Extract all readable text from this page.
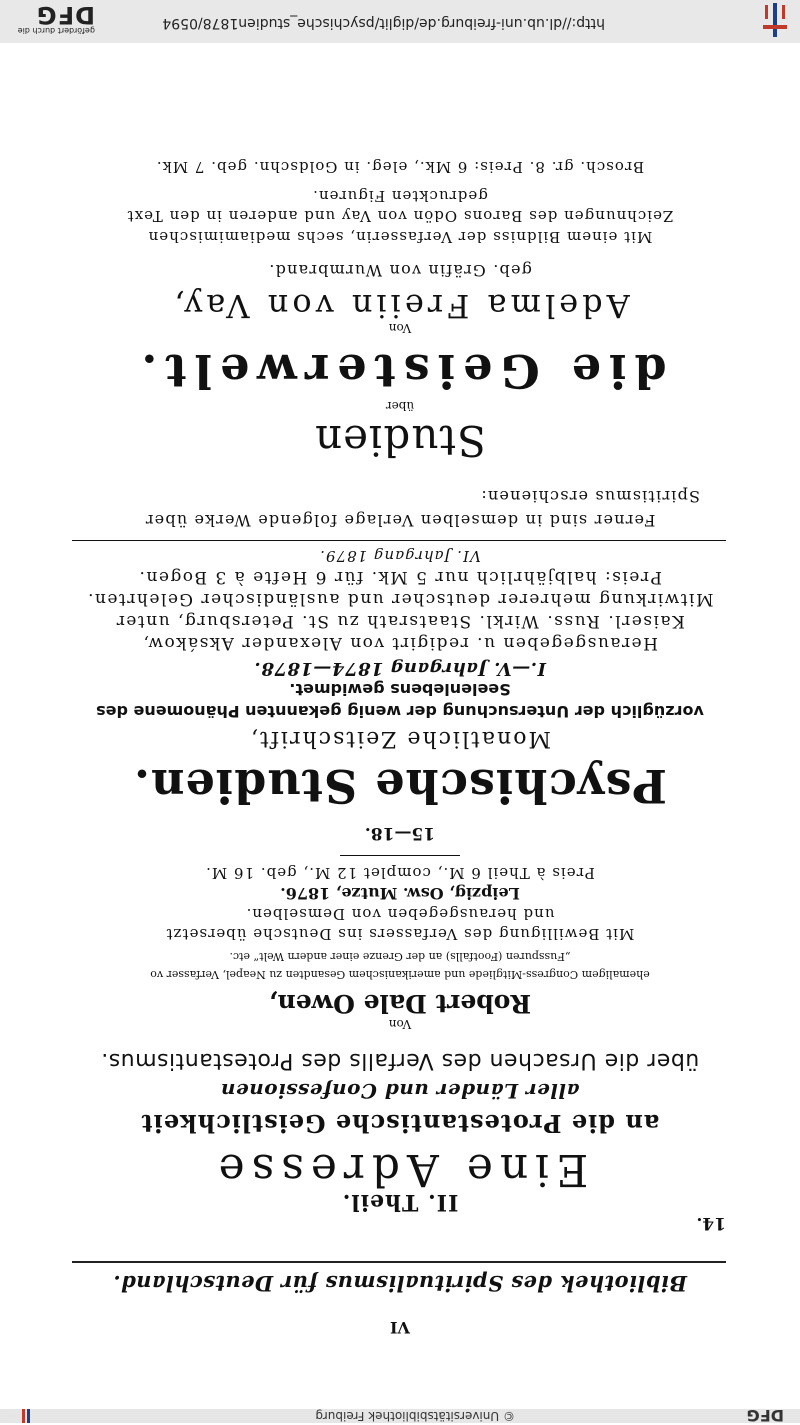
DFG
© Universitätsbibliothek Freiburg
VI
Bibliothek des Spiritualismus für Deutschland.
14.
II. Theil.
Eine Adresse
an die Protestantische Geistlichkeit
aller Länder und Confessionen
über die Ursachen des Verfalls des Protestantismus.
Von
Robert Dale Owen,
ehemaligem Congress-Mitgliede und amerikanischem Gesandten zu Neapel, Verfasser vo
„Fusspuren (Footfalls) an der Grenze einer andern Welt“ etc.
Mit Bewilligung des Verfassers ins Deutsche übersetzt
und herausgegeben von Demselben.
Leipzig, Osw. Mutze, 1876.
Preis à Theil 6 M., complet 12 M., geb. 16 M.
15—18.
Psychische Studien.
Monatliche Zeitschrift,
vorzüglich der Untersuchung der wenig gekannten Phänomene des
Seelenlebens gewidmet.
I.—V. Jahrgang 1874—1878.
Herausgegeben u. redigirt von Alexander Aksákow,
Kaiserl. Russ. Wirkl. Staatsrath zu St. Petersburg, unter
Mitwirkung mehrerer deutscher und ausländischer Gelehrten.
Preis: halbjährlich nur 5 Mk. für 6 Hefte à 3 Bogen.
VI. Jahrgang 1879.
Ferner sind in demselben Verlage folgende Werke über
Spiritismus erschienen:
Studien
über
die Geisterwelt.
Von
Adelma Freiin von Vay,
geb. Gräfin von Wurmbrand.
Mit einem Bildniss der Verfasserin, sechs mediamimischen
Zeichnungen des Barons Odön von Vay und anderen in den Text
gedruckten Figuren.
Brosch. gr. 8. Preis: 6 Mk., eleg. in Goldschn. geb. 7 Mk.
http://dl.ub.uni-freiburg.de/diglit/psychische_studien1878/0594
gefördert durch die
DFG
